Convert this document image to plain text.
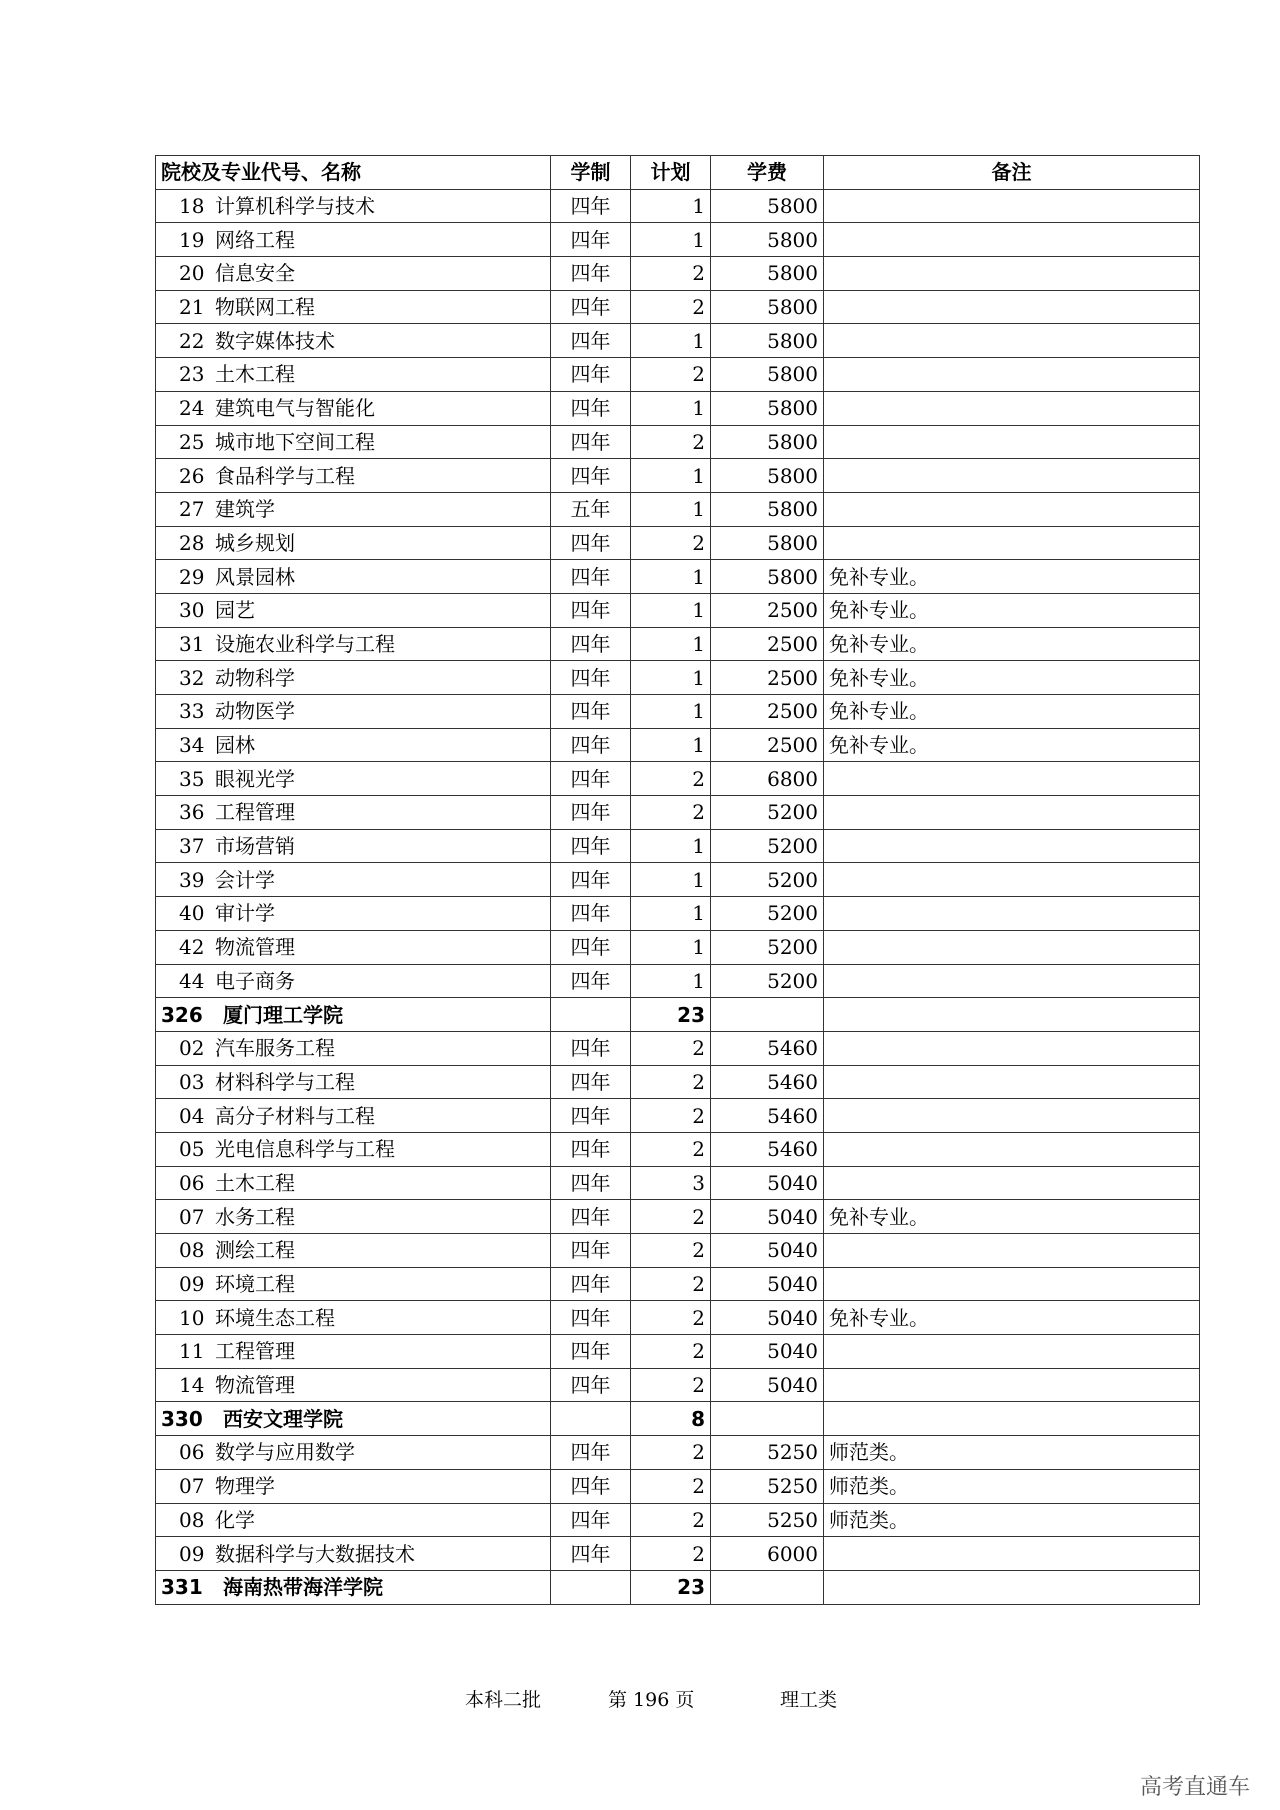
院校及专业代号、名称	学制	计划	学费	备注
18 计算机科学与技术	四年	1	5800	
19 网络工程	四年	1	5800	
20 信息安全	四年	2	5800	
21 物联网工程	四年	2	5800	
22 数字媒体技术	四年	1	5800	
23 土木工程	四年	2	5800	
24 建筑电气与智能化	四年	1	5800	
25 城市地下空间工程	四年	2	5800	
26 食品科学与工程	四年	1	5800	
27 建筑学	五年	1	5800	
28 城乡规划	四年	2	5800	
29 风景园林	四年	1	5800	免补专业。
30 园艺	四年	1	2500	免补专业。
31 设施农业科学与工程	四年	1	2500	免补专业。
32 动物科学	四年	1	2500	免补专业。
33 动物医学	四年	1	2500	免补专业。
34 园林	四年	1	2500	免补专业。
35 眼视光学	四年	2	6800	
36 工程管理	四年	2	5200	
37 市场营销	四年	1	5200	
39 会计学	四年	1	5200	
40 审计学	四年	1	5200	
42 物流管理	四年	1	5200	
44 电子商务	四年	1	5200	
326 厦门理工学院		23		
02 汽车服务工程	四年	2	5460	
03 材料科学与工程	四年	2	5460	
04 高分子材料与工程	四年	2	5460	
05 光电信息科学与工程	四年	2	5460	
06 土木工程	四年	3	5040	
07 水务工程	四年	2	5040	免补专业。
08 测绘工程	四年	2	5040	
09 环境工程	四年	2	5040	
10 环境生态工程	四年	2	5040	免补专业。
11 工程管理	四年	2	5040	
14 物流管理	四年	2	5040	
330 西安文理学院		8		
06 数学与应用数学	四年	2	5250	师范类。
07 物理学	四年	2	5250	师范类。
08 化学	四年	2	5250	师范类。
09 数据科学与大数据技术	四年	2	6000	
331 海南热带海洋学院		23		
本科二批	第 196 页	理工类
高考直通车
